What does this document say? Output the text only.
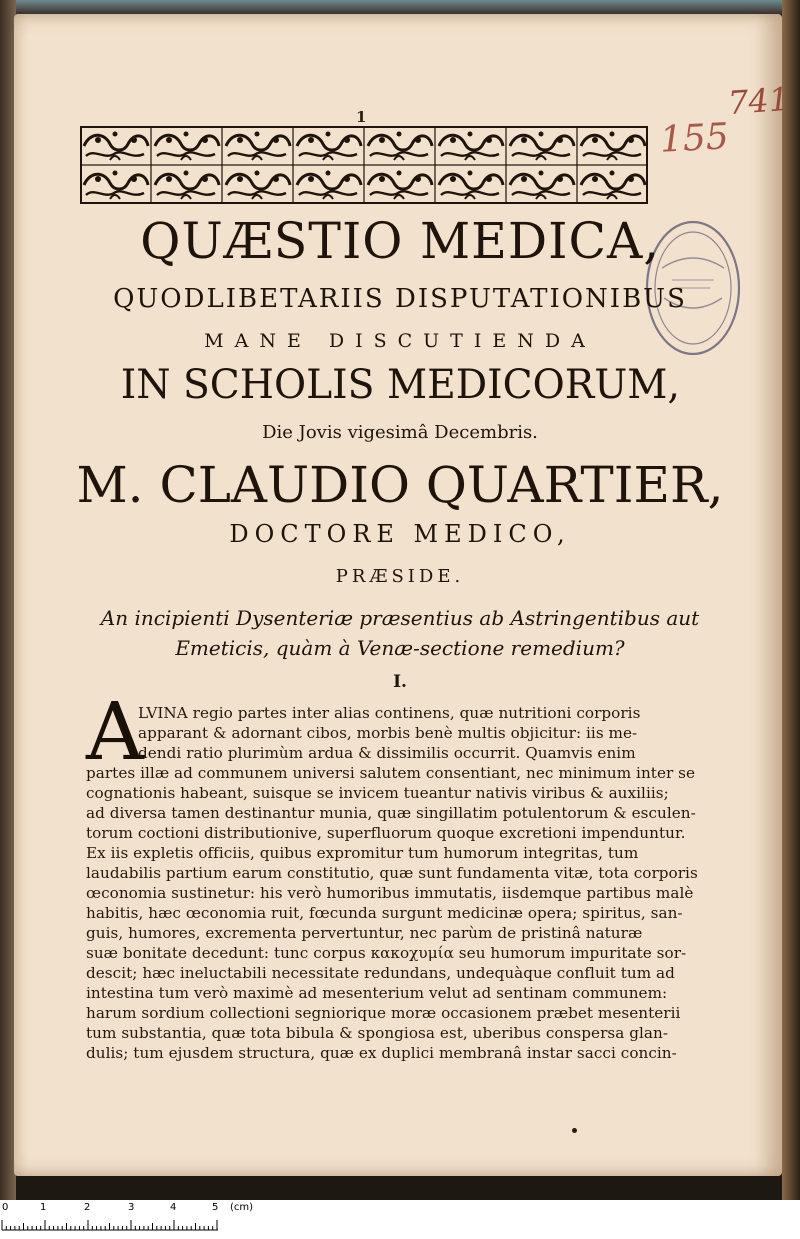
1	741
155
QUÆSTIO MEDICA,
QUODLIBETARIIS DISPUTATIONIBUS
MANE DISCUTIENDA
IN SCHOLIS MEDICORUM,
Die Jovis vigesimâ Decembris.
M. CLAUDIO QUARTIER,
DOCTORE MEDICO,
PRÆSIDE.
An incipienti Dysenteriæ præsentius ab Astringentibus aut
Emeticis, quàm à Venæ-sectione remedium?
I.
A
LVINA regio partes inter alias continens, quæ nutritioni corporis
apparant & adornant cibos, morbis benè multis objicitur: iis me-
dendi ratio plurimùm ardua & dissimilis occurrit. Quamvis enim
partes illæ ad communem universi salutem consentiant, nec minimum inter se
cognationis habeant, suisque se invicem tueantur nativis viribus & auxiliis;
ad diversa tamen destinantur munia, quæ singillatim potulentorum & esculen-
torum coctioni distributionive, superfluorum quoque excretioni impenduntur.
Ex iis expletis officiis, quibus expromitur tum humorum integritas, tum
laudabilis partium earum constitutio, quæ sunt fundamenta vitæ, tota corporis
œconomia sustinetur: his verò humoribus immutatis, iisdemque partibus malè
habitis, hæc œconomia ruit, fœcunda surgunt medicinæ opera; spiritus, san-
guis, humores, excrementa pervertuntur, nec parùm de pristinâ naturæ
suæ bonitate decedunt: tunc corpus κακοχυμία seu humorum impuritate sor-
descit; hæc ineluctabili necessitate redundans, undequàque confluit tum ad
intestina tum verò maximè ad mesenterium velut ad sentinam communem:
harum sordium collectioni segniorique moræ occasionem præbet mesenterii
tum substantia, quæ tota bibula & spongiosa est, uberibus conspersa glan-
dulis; tum ejusdem structura, quæ ex duplici membranâ instar sacci concin-
0	1	2	3	4	5 (cm)
